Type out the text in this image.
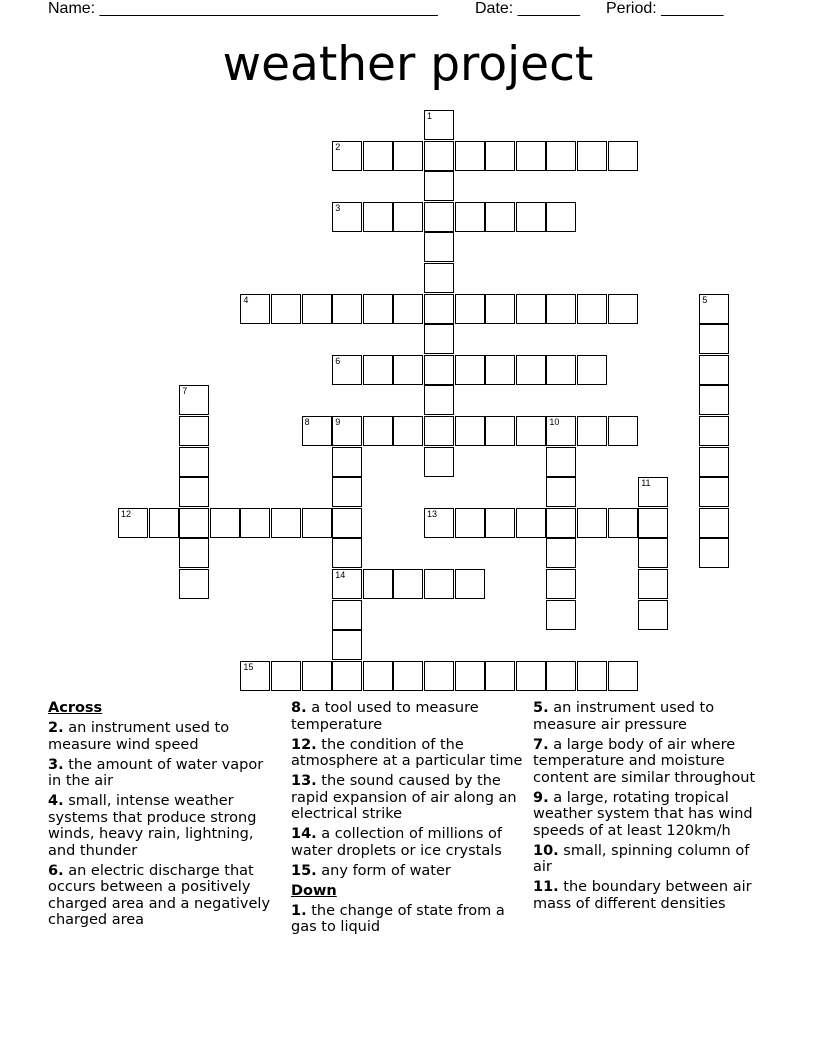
Name: ______________________________________ Date: _______ Period: _______
weather project
1
2
3
4	5
6
7
8	9	10
14
11
12	13
15
Across
2. an instrument used to measure wind speed
3. the amount of water vapor in the air
4. small, intense weather systems that produce strong winds, heavy rain, lightning, and thunder
6. an electric discharge that occurs between a positively charged area and a negatively charged area
8. a tool used to measure temperature
12. the condition of the atmosphere at a particular time
13. the sound caused by the rapid expansion of air along an electrical strike
14. a collection of millions of water droplets or ice crystals
15. any form of water
Down
1. the change of state from a gas to liquid
5. an instrument used to measure air pressure
7. a large body of air where temperature and moisture content are similar throughout
9. a large, rotating tropical weather system that has wind speeds of at least 120km/h
10. small, spinning column of air
11. the boundary between air mass of different densities
